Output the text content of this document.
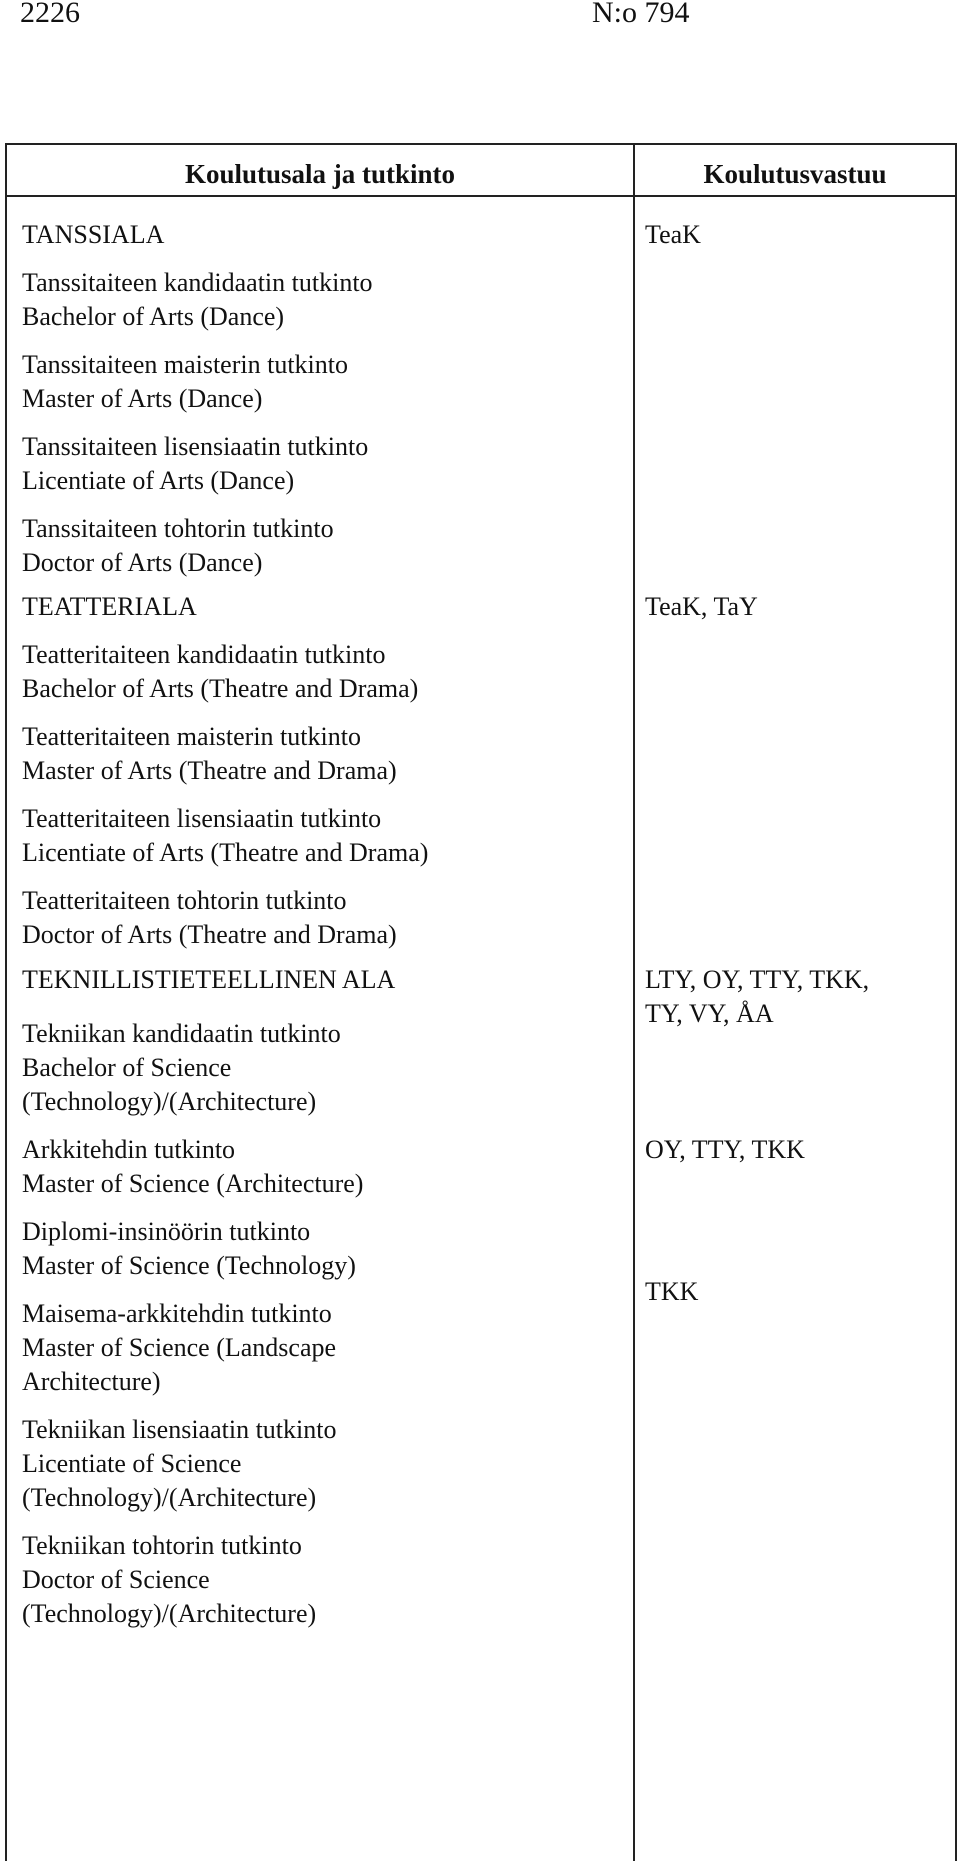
2226	N:o 794
Koulutusala ja tutkinto	Koulutusvastuu
TANSSIALA
Tanssitaiteen kandidaatin tutkinto
Bachelor of Arts (Dance)
Tanssitaiteen maisterin tutkinto
Master of Arts (Dance)
Tanssitaiteen lisensiaatin tutkinto
Licentiate of Arts (Dance)
Tanssitaiteen tohtorin tutkinto
Doctor of Arts (Dance)
TeaK
TEATTERIALA
Teatteritaiteen kandidaatin tutkinto
Bachelor of Arts (Theatre and Drama)
Teatteritaiteen maisterin tutkinto
Master of Arts (Theatre and Drama)
Teatteritaiteen lisensiaatin tutkinto
Licentiate of Arts (Theatre and Drama)
Teatteritaiteen tohtorin tutkinto
Doctor of Arts (Theatre and Drama)
TeaK, TaY
TEKNILLISTIETEELLINEN ALA
Tekniikan kandidaatin tutkinto
Bachelor of Science
(Technology)/(Architecture)
Arkkitehdin tutkinto
Master of Science (Architecture)
Diplomi-insinöörin tutkinto
Master of Science (Technology)
Maisema-arkkitehdin tutkinto
Master of Science (Landscape
Architecture)
Tekniikan lisensiaatin tutkinto
Licentiate of Science
(Technology)/(Architecture)
Tekniikan tohtorin tutkinto
Doctor of Science
(Technology)/(Architecture)
LTY, OY, TTY, TKK,
TY, VY, ÅA
OY, TTY, TKK
TKK
